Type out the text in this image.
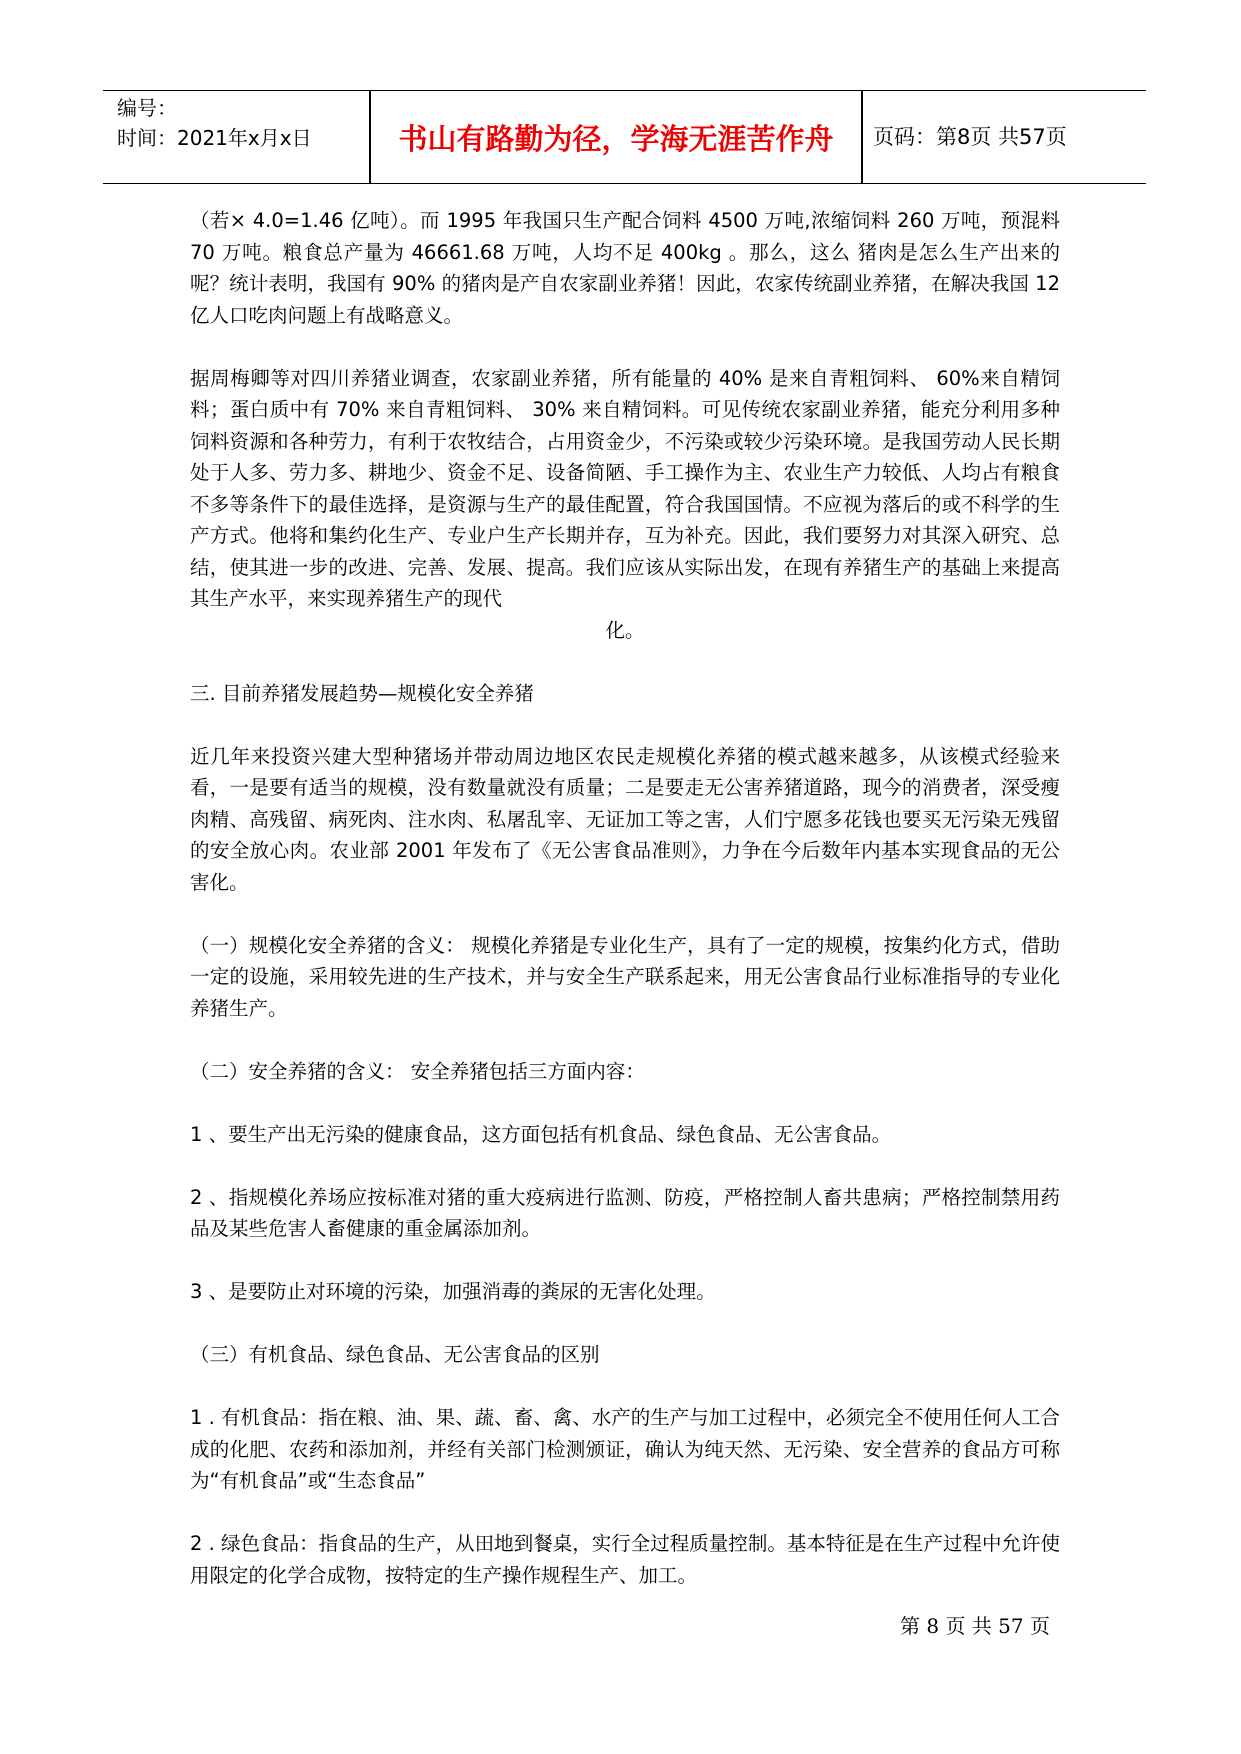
编号：
时间：2021年x月x日	书山有路勤为径，学海无涯苦作舟	页码：第8页 共57页

（若× 4.0=1.46 亿吨）。而 1995 年我国只生产配合饲料 4500 万吨,浓缩饲料 260 万吨，预混料 70 万吨。粮食总产量为 46661.68 万吨，人均不足 400kg 。那么，这么 猪肉是怎么生产出来的呢？统计表明，我国有 90% 的猪肉是产自农家副业养猪！因此，农家传统副业养猪，在解决我国 12 亿人口吃肉问题上有战略意义。

据周梅卿等对四川养猪业调查，农家副业养猪，所有能量的 40% 是来自青粗饲料、 60%来自精饲料；蛋白质中有 70% 来自青粗饲料、 30% 来自精饲料。可见传统农家副业养猪，能充分利用多种饲料资源和各种劳力，有利于农牧结合，占用资金少，不污染或较少污染环境。是我国劳动人民长期处于人多、劳力多、耕地少、资金不足、设备简陋、手工操作为主、农业生产力较低、人均占有粮食不多等条件下的最佳选择，是资源与生产的最佳配置，符合我国国情。不应视为落后的或不科学的生产方式。他将和集约化生产、专业户生产长期并存，互为补充。因此，我们要努力对其深入研究、总结，使其进一步的改进、完善、发展、提高。我们应该从实际出发，在现有养猪生产的基础上来提高其生产水平，来实现养猪生产的现代

化。

三. 目前养猪发展趋势—规模化安全养猪

近几年来投资兴建大型种猪场并带动周边地区农民走规模化养猪的模式越来越多，从该模式经验来看，一是要有适当的规模，没有数量就没有质量；二是要走无公害养猪道路，现今的消费者，深受瘦肉精、高残留、病死肉、注水肉、私屠乱宰、无证加工等之害，人们宁愿多花钱也要买无污染无残留的安全放心肉。农业部 2001 年发布了《无公害食品准则》，力争在今后数年内基本实现食品的无公害化。

（一）规模化安全养猪的含义： 规模化养猪是专业化生产，具有了一定的规模，按集约化方式，借助一定的设施，采用较先进的生产技术，并与安全生产联系起来，用无公害食品行业标准指导的专业化养猪生产。

（二）安全养猪的含义： 安全养猪包括三方面内容：

1 、要生产出无污染的健康食品，这方面包括有机食品、绿色食品、无公害食品。

2 、指规模化养场应按标准对猪的重大疫病进行监测、防疫，严格控制人畜共患病；严格控制禁用药品及某些危害人畜健康的重金属添加剂。

3 、是要防止对环境的污染，加强消毒的粪尿的无害化处理。

（三）有机食品、绿色食品、无公害食品的区别

1 . 有机食品：指在粮、油、果、蔬、畜、禽、水产的生产与加工过程中，必须完全不使用任何人工合成的化肥、农药和添加剂，并经有关部门检测颁证，确认为纯天然、无污染、安全营养的食品方可称为“有机食品”或“生态食品”

2 . 绿色食品：指食品的生产，从田地到餐桌，实行全过程质量控制。基本特征是在生产过程中允许使用限定的化学合成物，按特定的生产操作规程生产、加工。

第 8 页 共 57 页
